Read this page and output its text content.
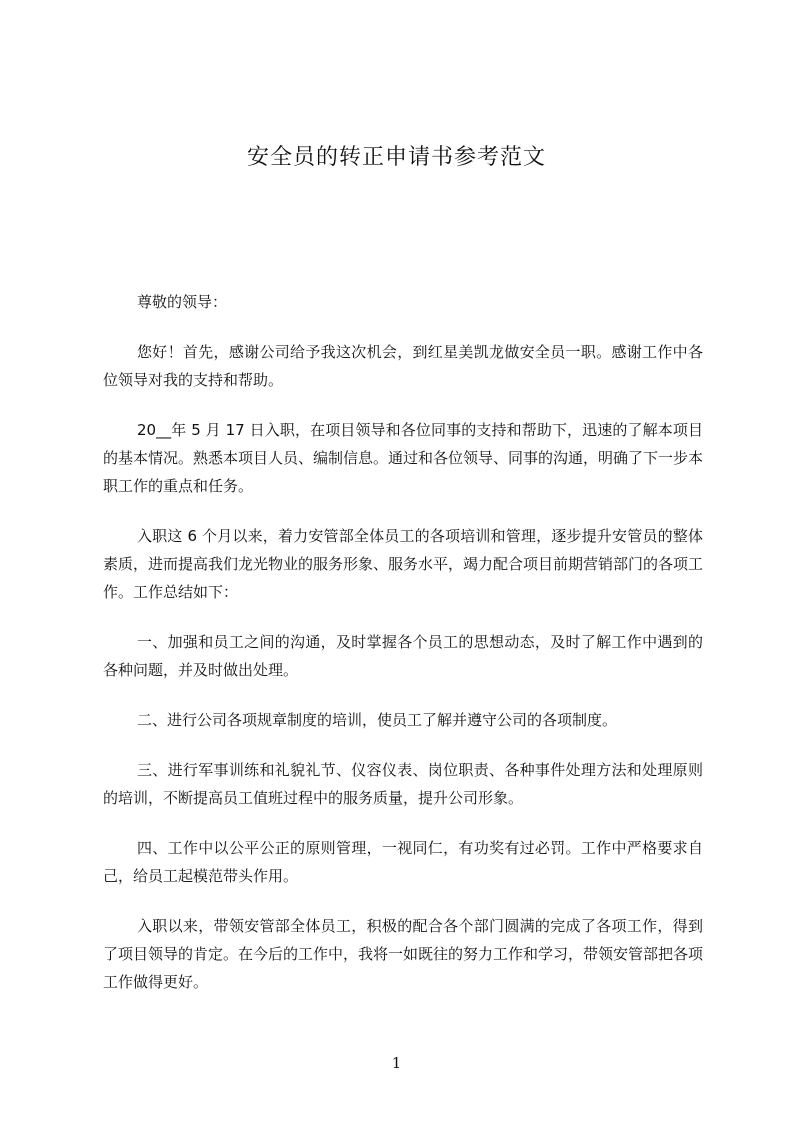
安全员的转正申请书参考范文

尊敬的领导：

您好！首先，感谢公司给予我这次机会，到红星美凯龙做安全员一职。感谢工作中各位领导对我的支持和帮助。

20__年 5 月 17 日入职，在项目领导和各位同事的支持和帮助下，迅速的了解本项目的基本情况。熟悉本项目人员、编制信息。通过和各位领导、同事的沟通，明确了下一步本职工作的重点和任务。

入职这 6 个月以来，着力安管部全体员工的各项培训和管理，逐步提升安管员的整体素质，进而提高我们龙光物业的服务形象、服务水平，竭力配合项目前期营销部门的各项工作。工作总结如下：

一、加强和员工之间的沟通，及时掌握各个员工的思想动态，及时了解工作中遇到的各种问题，并及时做出处理。

二、进行公司各项规章制度的培训，使员工了解并遵守公司的各项制度。

三、进行军事训练和礼貌礼节、仪容仪表、岗位职责、各种事件处理方法和处理原则的培训，不断提高员工值班过程中的服务质量，提升公司形象。

四、工作中以公平公正的原则管理，一视同仁，有功奖有过必罚。工作中严格要求自己，给员工起模范带头作用。

入职以来，带领安管部全体员工，积极的配合各个部门圆满的完成了各项工作，得到了项目领导的肯定。在今后的工作中，我将一如既往的努力工作和学习，带领安管部把各项工作做得更好。

1
